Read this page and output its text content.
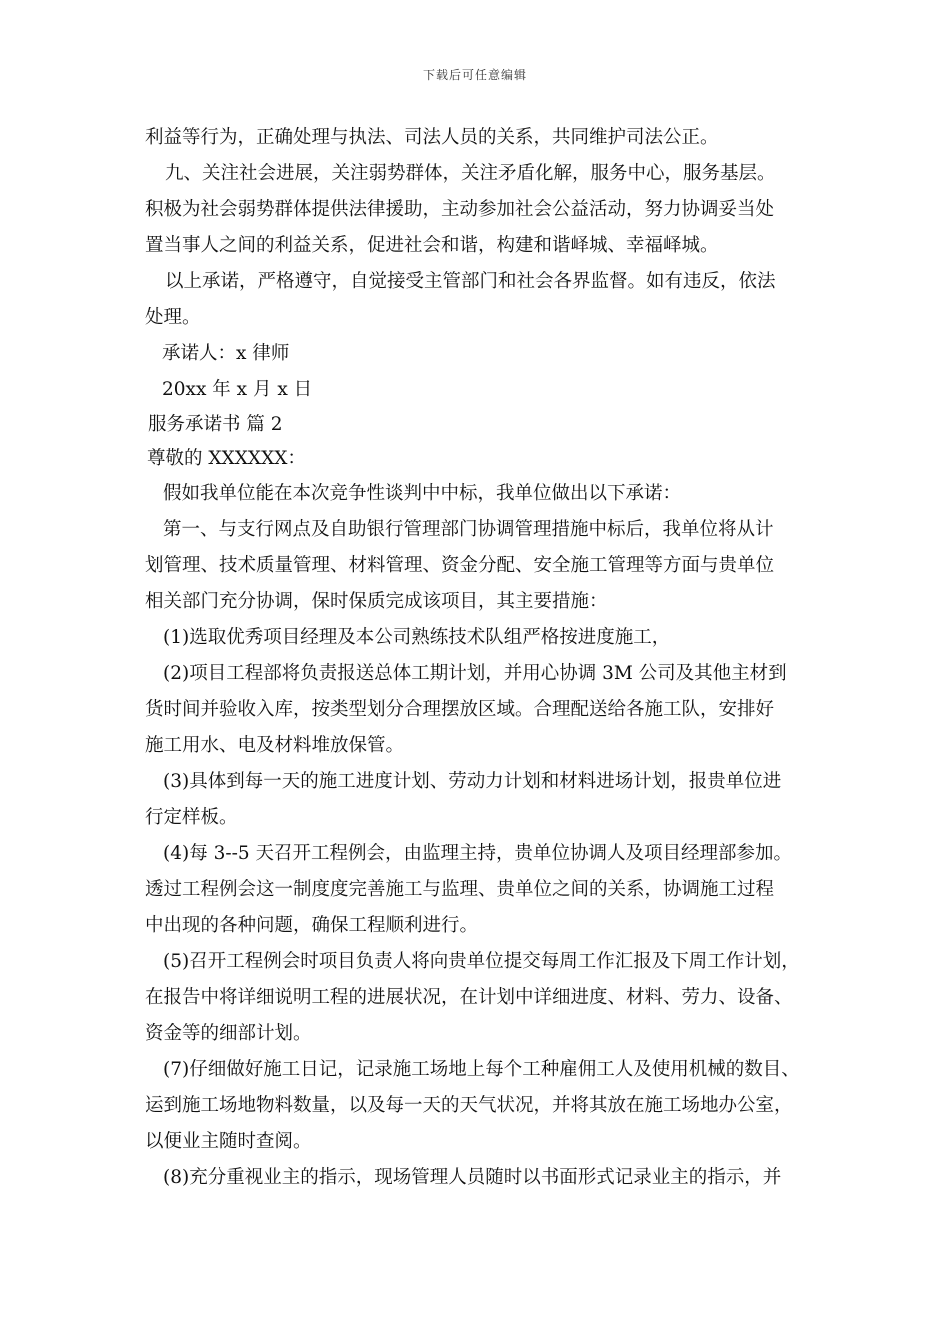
下载后可任意编辑
利益等行为，正确处理与执法、司法人员的关系，共同维护司法公正。
九、关注社会进展，关注弱势群体，关注矛盾化解，服务中心，服务基层。
积极为社会弱势群体提供法律援助，主动参加社会公益活动，努力协调妥当处
置当事人之间的利益关系，促进社会和谐，构建和谐峄城、幸福峄城。
以上承诺，严格遵守，自觉接受主管部门和社会各界监督。如有违反，依法
处理。
承诺人：x 律师
20xx 年 x 月 x 日
服务承诺书 篇 2
尊敬的 XXXXXX：
假如我单位能在本次竞争性谈判中中标，我单位做出以下承诺：
第一、与支行网点及自助银行管理部门协调管理措施中标后，我单位将从计
划管理、技术质量管理、材料管理、资金分配、安全施工管理等方面与贵单位
相关部门充分协调，保时保质完成该项目，其主要措施：
(1)选取优秀项目经理及本公司熟练技术队组严格按进度施工，
(2)项目工程部将负责报送总体工期计划，并用心协调 3M 公司及其他主材到
货时间并验收入库，按类型划分合理摆放区域。合理配送给各施工队，安排好
施工用水、电及材料堆放保管。
(3)具体到每一天的施工进度计划、劳动力计划和材料进场计划，报贵单位进
行定样板。
(4)每 3--5 天召开工程例会，由监理主持，贵单位协调人及项目经理部参加。
透过工程例会这一制度度完善施工与监理、贵单位之间的关系，协调施工过程
中出现的各种问题，确保工程顺利进行。
(5)召开工程例会时项目负责人将向贵单位提交每周工作汇报及下周工作计划，
在报告中将详细说明工程的进展状况，在计划中详细进度、材料、劳力、设备、
资金等的细部计划。
(7)仔细做好施工日记，记录施工场地上每个工种雇佣工人及使用机械的数目、
运到施工场地物料数量，以及每一天的天气状况，并将其放在施工场地办公室，
以便业主随时查阅。
(8)充分重视业主的指示，现场管理人员随时以书面形式记录业主的指示，并
